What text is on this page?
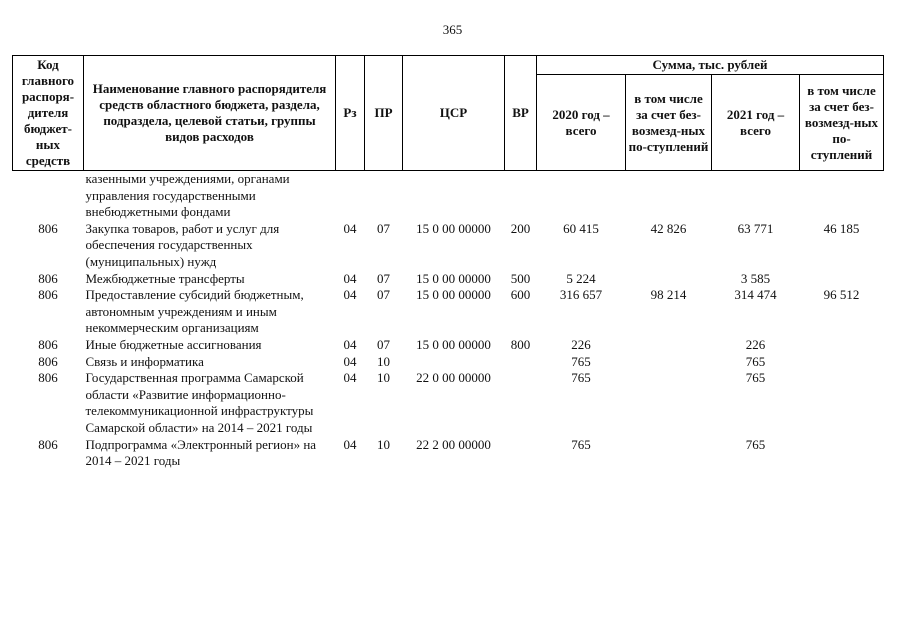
365
Код главного распоря-дителя бюджет-ных средств	Наименование главного распорядителя средств областного бюджета, раздела, подраздела, целевой статьи, группы видов расходов	Рз	ПР	ЦСР	ВР	Сумма, тыс. рублей			
						2020 год – всего	в том числе за счет без-возмезд-ных по-ступлений	2021 год – всего	в том числе за счет без-возмезд-ных по-ступлений
	казенными учреждениями, органами управления государственными внебюджетными фондами								
806	Закупка товаров, работ и услуг для обеспечения государственных (муниципальных) нужд	04	07	15 0 00 00000	200	60 415	42 826	63 771	46 185
806	Межбюджетные трансферты	04	07	15 0 00 00000	500	5 224		3 585	
806	Предоставление субсидий бюджетным, автономным учреждениям и иным некоммерческим организациям	04	07	15 0 00 00000	600	316 657	98 214	314 474	96 512
806	Иные бюджетные ассигнования	04	07	15 0 00 00000	800	226		226	
806	Связь и информатика	04	10			765		765	
806	Государственная программа Самарской области «Развитие информационно-телекоммуникационной инфраструктуры Самарской области» на 2014 – 2021 годы	04	10	22 0 00 00000		765		765	
806	Подпрограмма «Электронный регион» на 2014 – 2021 годы	04	10	22 2 00 00000		765		765	
